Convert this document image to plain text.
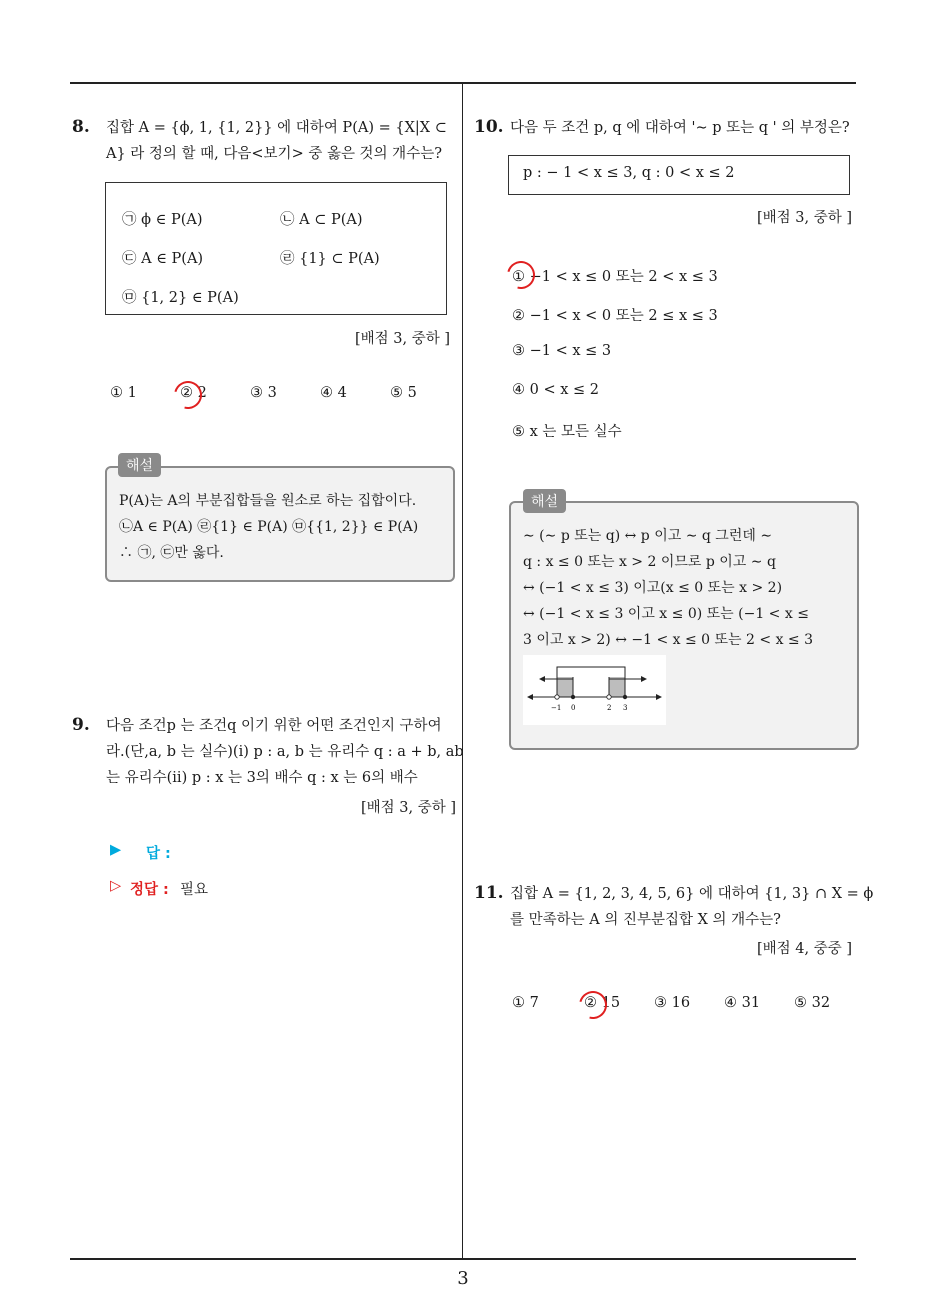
8. 집합 A = {ϕ, 1, {1, 2}} 에 대하여 P(A) = {X|X ⊂
A} 라 정의 할 때, 다음<보기> 중 옳은 것의 개수는?
㉠ ϕ ∈ P(A)	㉡ A ⊂ P(A)
㉢ A ∈ P(A)	㉣ {1} ⊂ P(A)
㉤ {1, 2} ∈ P(A)
[배점 3, 중하 ]
① 1	② 2	③ 3	④ 4	⑤ 5
P(A)는 A의 부분집합들을 원소로 하는 집합이다.
㉡A ∈ P(A) ㉣{1} ∈ P(A) ㉤{{1, 2}} ∈ P(A)
∴ ㉠, ㉢만 옳다.
해설
9. 다음 조건p 는 조건q 이기 위한 어떤 조건인지 구하여
라.(단,a, b 는 실수)(i) p : a, b 는 유리수 q : a + b, ab
는 유리수(ii) p : x 는 3의 배수 q : x 는 6의 배수
[배점 3, 중하 ]
▶ 답 :
▷ 정답 : 필요
10. 다음 두 조건 p, q 에 대하여 '∼ p 또는 q ' 의 부정은?
p : − 1 < x ≤ 3, q : 0 < x ≤ 2
[배점 3, 중하 ]
① −1 < x ≤ 0 또는 2 < x ≤ 3
② −1 < x < 0 또는 2 ≤ x ≤ 3
③ −1 < x ≤ 3
④ 0 < x ≤ 2
⑤ x 는 모든 실수
∼ (∼ p 또는 q) ↔ p 이고 ∼ q 그런데 ∼
q : x ≤ 0 또는 x > 2 이므로 p 이고 ∼ q
↔ (−1 < x ≤ 3) 이고(x ≤ 0 또는 x > 2)
↔ (−1 < x ≤ 3 이고 x ≤ 0) 또는 (−1 < x ≤
3 이고 x > 2) ↔ −1 < x ≤ 0 또는 2 < x ≤ 3
−1 0	2 3
해설
11. 집합 A = {1, 2, 3, 4, 5, 6} 에 대하여 {1, 3} ∩ X = ϕ
를 만족하는 A 의 진부분집합 X 의 개수는?
[배점 4, 중중 ]
① 7	② 15 ③ 16 ④ 31 ⑤ 32
3
